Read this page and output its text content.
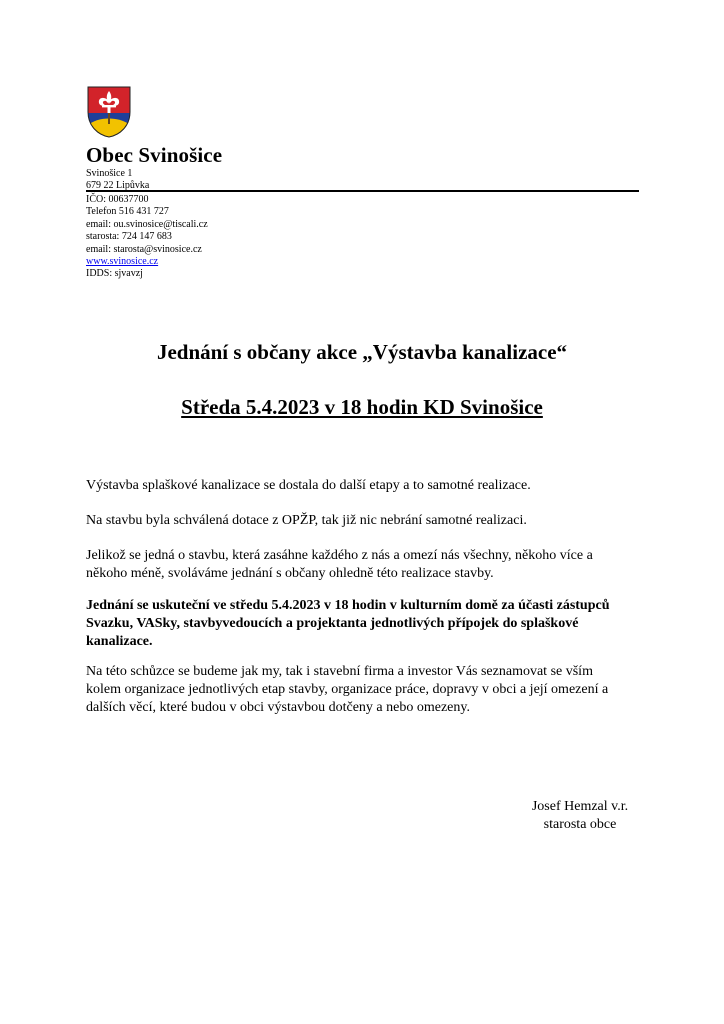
Obec Svinošice
Svinošice 1
679 22 Lipůvka
IČO: 00637700
Telefon 516 431 727
email: ou.svinosice@tiscali.cz
starosta: 724 147 683
email: starosta@svinosice.cz
www.svinosice.cz
IDDS: sjvavzj
Jednání s občany akce „Výstavba kanalizace“
Středa 5.4.2023 v 18 hodin KD Svinošice
Výstavba splaškové kanalizace se dostala do další etapy a to samotné realizace.
Na stavbu byla schválená dotace z OPŽP, tak již nic nebrání samotné realizaci.
Jelikož se jedná o stavbu, která zasáhne každého z nás a omezí nás všechny, někoho více a
někoho méně, svoláváme jednání s občany ohledně této realizace stavby.
Jednání se uskuteční ve středu 5.4.2023 v 18 hodin v kulturním domě za účasti zástupců
Svazku, VASky, stavbyvedoucích a projektanta jednotlivých přípojek do splaškové
kanalizace.
Na této schůzce se budeme jak my, tak i stavební firma a investor Vás seznamovat se vším
kolem organizace jednotlivých etap stavby, organizace práce, dopravy v obci a její omezení a
dalších věcí, které budou v obci výstavbou dotčeny a nebo omezeny.
Josef Hemzal v.r.
starosta obce
